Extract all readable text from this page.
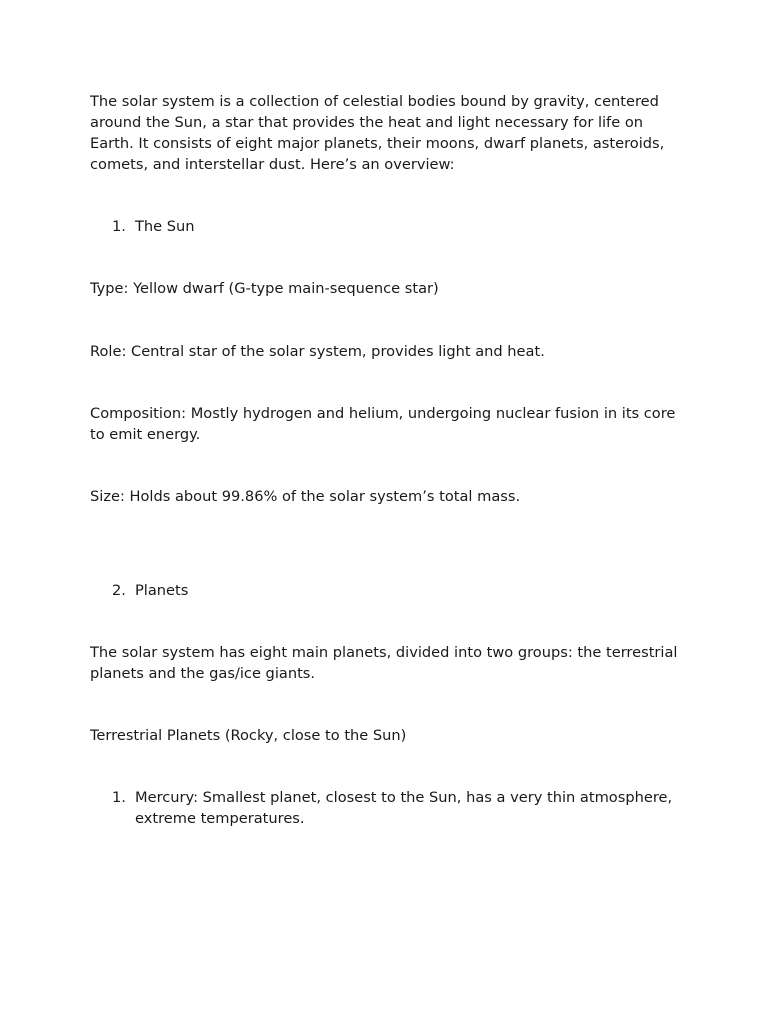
The solar system is a collection of celestial bodies bound by gravity, centered around the Sun, a star that provides the heat and light necessary for life on Earth. It consists of eight major planets, their moons, dwarf planets, asteroids, comets, and interstellar dust. Here’s an overview:

1. The Sun

Type: Yellow dwarf (G-type main-sequence star)

Role: Central star of the solar system, provides light and heat.

Composition: Mostly hydrogen and helium, undergoing nuclear fusion in its core to emit energy.

Size: Holds about 99.86% of the solar system’s total mass.

2. Planets

The solar system has eight main planets, divided into two groups: the terrestrial planets and the gas/ice giants.

Terrestrial Planets (Rocky, close to the Sun)

1. Mercury: Smallest planet, closest to the Sun, has a very thin atmosphere, extreme temperatures.
